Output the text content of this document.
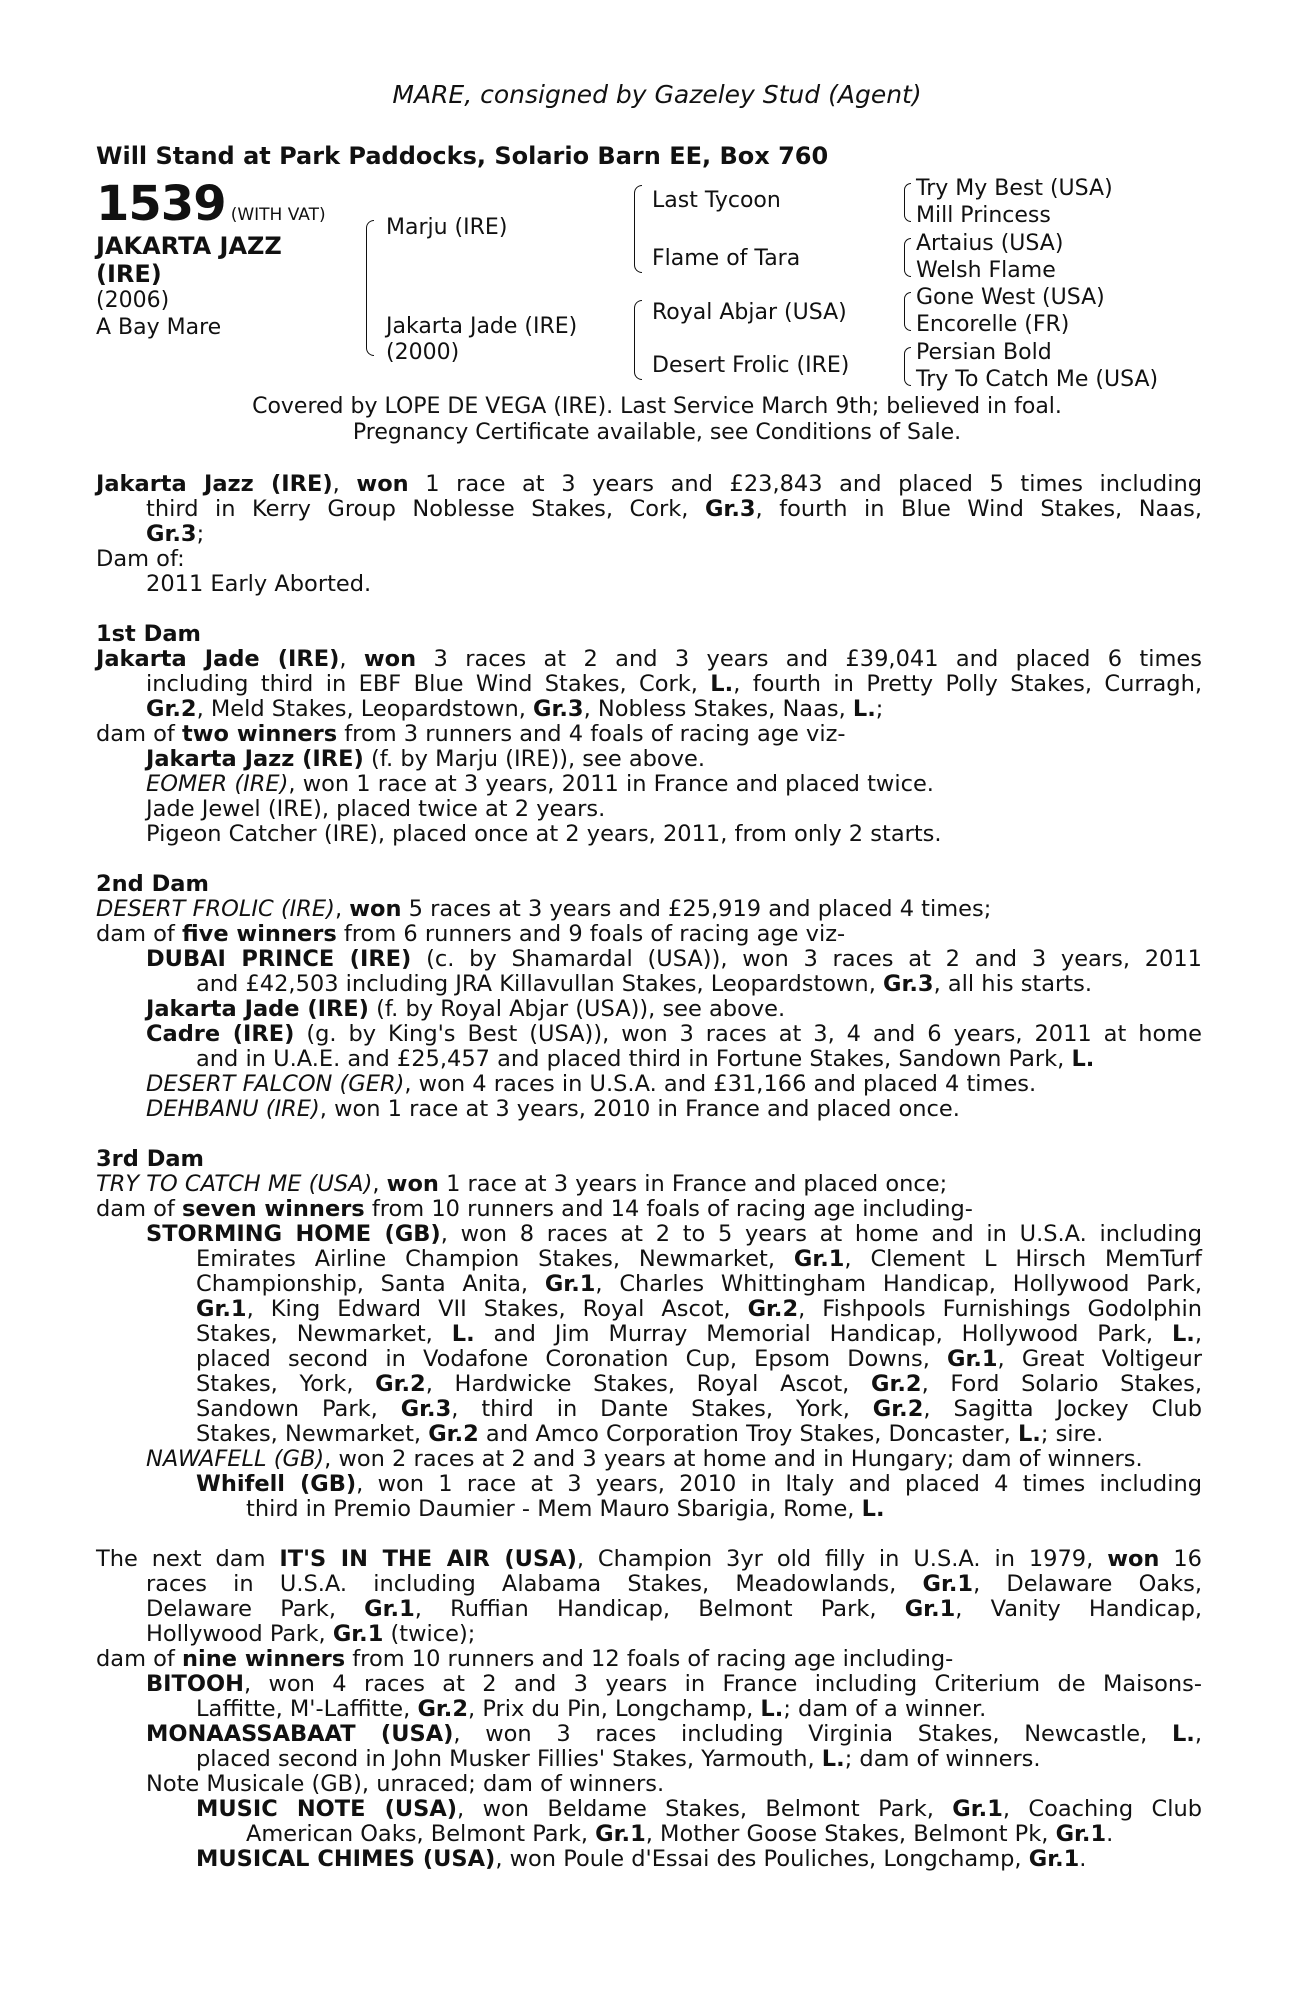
MARE, consigned by Gazeley Stud (Agent)
Will Stand at Park Paddocks, Solario Barn EE, Box 760
1539 (WITH VAT)
JAKARTA JAZZ
(IRE)
(2006)
A Bay Mare
Marju (IRE)
Jakarta Jade (IRE)
(2000)
Last Tycoon
Flame of Tara
Royal Abjar (USA)
Desert Frolic (IRE)
Try My Best (USA)
Mill Princess
Artaius (USA)
Welsh Flame
Gone West (USA)
Encorelle (FR)
Persian Bold
Try To Catch Me (USA)
Covered by LOPE DE VEGA (IRE). Last Service March 9th; believed in foal.
Pregnancy Certificate available, see Conditions of Sale.
Jakarta Jazz (IRE), won 1 race at 3 years and £23,843 and placed 5 times including
third in Kerry Group Noblesse Stakes, Cork, Gr.3, fourth in Blue Wind Stakes, Naas,
Gr.3;
Dam of:
2011 Early Aborted.
1st Dam
Jakarta Jade (IRE), won 3 races at 2 and 3 years and £39,041 and placed 6 times
including third in EBF Blue Wind Stakes, Cork, L., fourth in Pretty Polly Stakes, Curragh,
Gr.2, Meld Stakes, Leopardstown, Gr.3, Nobless Stakes, Naas, L.;
dam of two winners from 3 runners and 4 foals of racing age viz-
Jakarta Jazz (IRE) (f. by Marju (IRE)), see above.
EOMER (IRE), won 1 race at 3 years, 2011 in France and placed twice.
Jade Jewel (IRE), placed twice at 2 years.
Pigeon Catcher (IRE), placed once at 2 years, 2011, from only 2 starts.
2nd Dam
DESERT FROLIC (IRE), won 5 races at 3 years and £25,919 and placed 4 times;
dam of five winners from 6 runners and 9 foals of racing age viz-
DUBAI PRINCE (IRE) (c. by Shamardal (USA)), won 3 races at 2 and 3 years, 2011
and £42,503 including JRA Killavullan Stakes, Leopardstown, Gr.3, all his starts.
Jakarta Jade (IRE) (f. by Royal Abjar (USA)), see above.
Cadre (IRE) (g. by King's Best (USA)), won 3 races at 3, 4 and 6 years, 2011 at home
and in U.A.E. and £25,457 and placed third in Fortune Stakes, Sandown Park, L.
DESERT FALCON (GER), won 4 races in U.S.A. and £31,166 and placed 4 times.
DEHBANU (IRE), won 1 race at 3 years, 2010 in France and placed once.
3rd Dam
TRY TO CATCH ME (USA), won 1 race at 3 years in France and placed once;
dam of seven winners from 10 runners and 14 foals of racing age including-
STORMING HOME (GB), won 8 races at 2 to 5 years at home and in U.S.A. including
Emirates Airline Champion Stakes, Newmarket, Gr.1, Clement L Hirsch MemTurf
Championship, Santa Anita, Gr.1, Charles Whittingham Handicap, Hollywood Park,
Gr.1, King Edward VII Stakes, Royal Ascot, Gr.2, Fishpools Furnishings Godolphin
Stakes, Newmarket, L. and Jim Murray Memorial Handicap, Hollywood Park, L.,
placed second in Vodafone Coronation Cup, Epsom Downs, Gr.1, Great Voltigeur
Stakes, York, Gr.2, Hardwicke Stakes, Royal Ascot, Gr.2, Ford Solario Stakes,
Sandown Park, Gr.3, third in Dante Stakes, York, Gr.2, Sagitta Jockey Club
Stakes, Newmarket, Gr.2 and Amco Corporation Troy Stakes, Doncaster, L.; sire.
NAWAFELL (GB), won 2 races at 2 and 3 years at home and in Hungary; dam of winners.
Whifell (GB), won 1 race at 3 years, 2010 in Italy and placed 4 times including
third in Premio Daumier - Mem Mauro Sbarigia, Rome, L.
The next dam IT'S IN THE AIR (USA), Champion 3yr old filly in U.S.A. in 1979, won 16
races in U.S.A. including Alabama Stakes, Meadowlands, Gr.1, Delaware Oaks,
Delaware Park, Gr.1, Ruffian Handicap, Belmont Park, Gr.1, Vanity Handicap,
Hollywood Park, Gr.1 (twice);
dam of nine winners from 10 runners and 12 foals of racing age including-
BITOOH, won 4 races at 2 and 3 years in France including Criterium de Maisons-
Laffitte, M'-Laffitte, Gr.2, Prix du Pin, Longchamp, L.; dam of a winner.
MONAASSABAAT (USA), won 3 races including Virginia Stakes, Newcastle, L.,
placed second in John Musker Fillies' Stakes, Yarmouth, L.; dam of winners.
Note Musicale (GB), unraced; dam of winners.
MUSIC NOTE (USA), won Beldame Stakes, Belmont Park, Gr.1, Coaching Club
American Oaks, Belmont Park, Gr.1, Mother Goose Stakes, Belmont Pk, Gr.1.
MUSICAL CHIMES (USA), won Poule d'Essai des Pouliches, Longchamp, Gr.1.
